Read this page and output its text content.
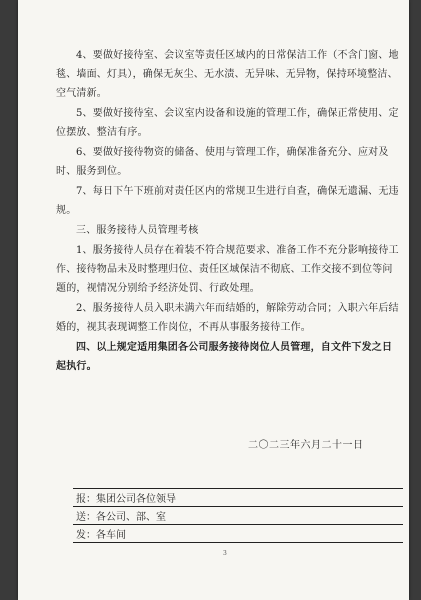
4、要做好接待室、会议室等责任区域内的日常保洁工作（不含门窗、地毯、墙面、灯具），确保无灰尘、无水渍、无异味、无异物，保持环境整洁、空气清新。

5、要做好接待室、会议室内设备和设施的管理工作，确保正常使用、定位摆放、整洁有序。

6、要做好接待物资的储备、使用与管理工作，确保准备充分、应对及时、服务到位。

7、每日下午下班前对责任区内的常规卫生进行自查，确保无遗漏、无违规。

三、服务接待人员管理考核

1、服务接待人员存在着装不符合规范要求、准备工作不充分影响接待工作、接待物品未及时整理归位、责任区域保洁不彻底、工作交接不到位等问题的，视情况分别给予经济处罚、行政处理。

2、服务接待人员入职未满六年而结婚的，解除劳动合同；入职六年后结婚的，视其表现调整工作岗位，不再从事服务接待工作。

四、以上规定适用集团各公司服务接待岗位人员管理，自文件下发之日起执行。

二〇二三年六月二十一日
报：集团公司各位领导
送：各公司、部、室
发：各车间
3
